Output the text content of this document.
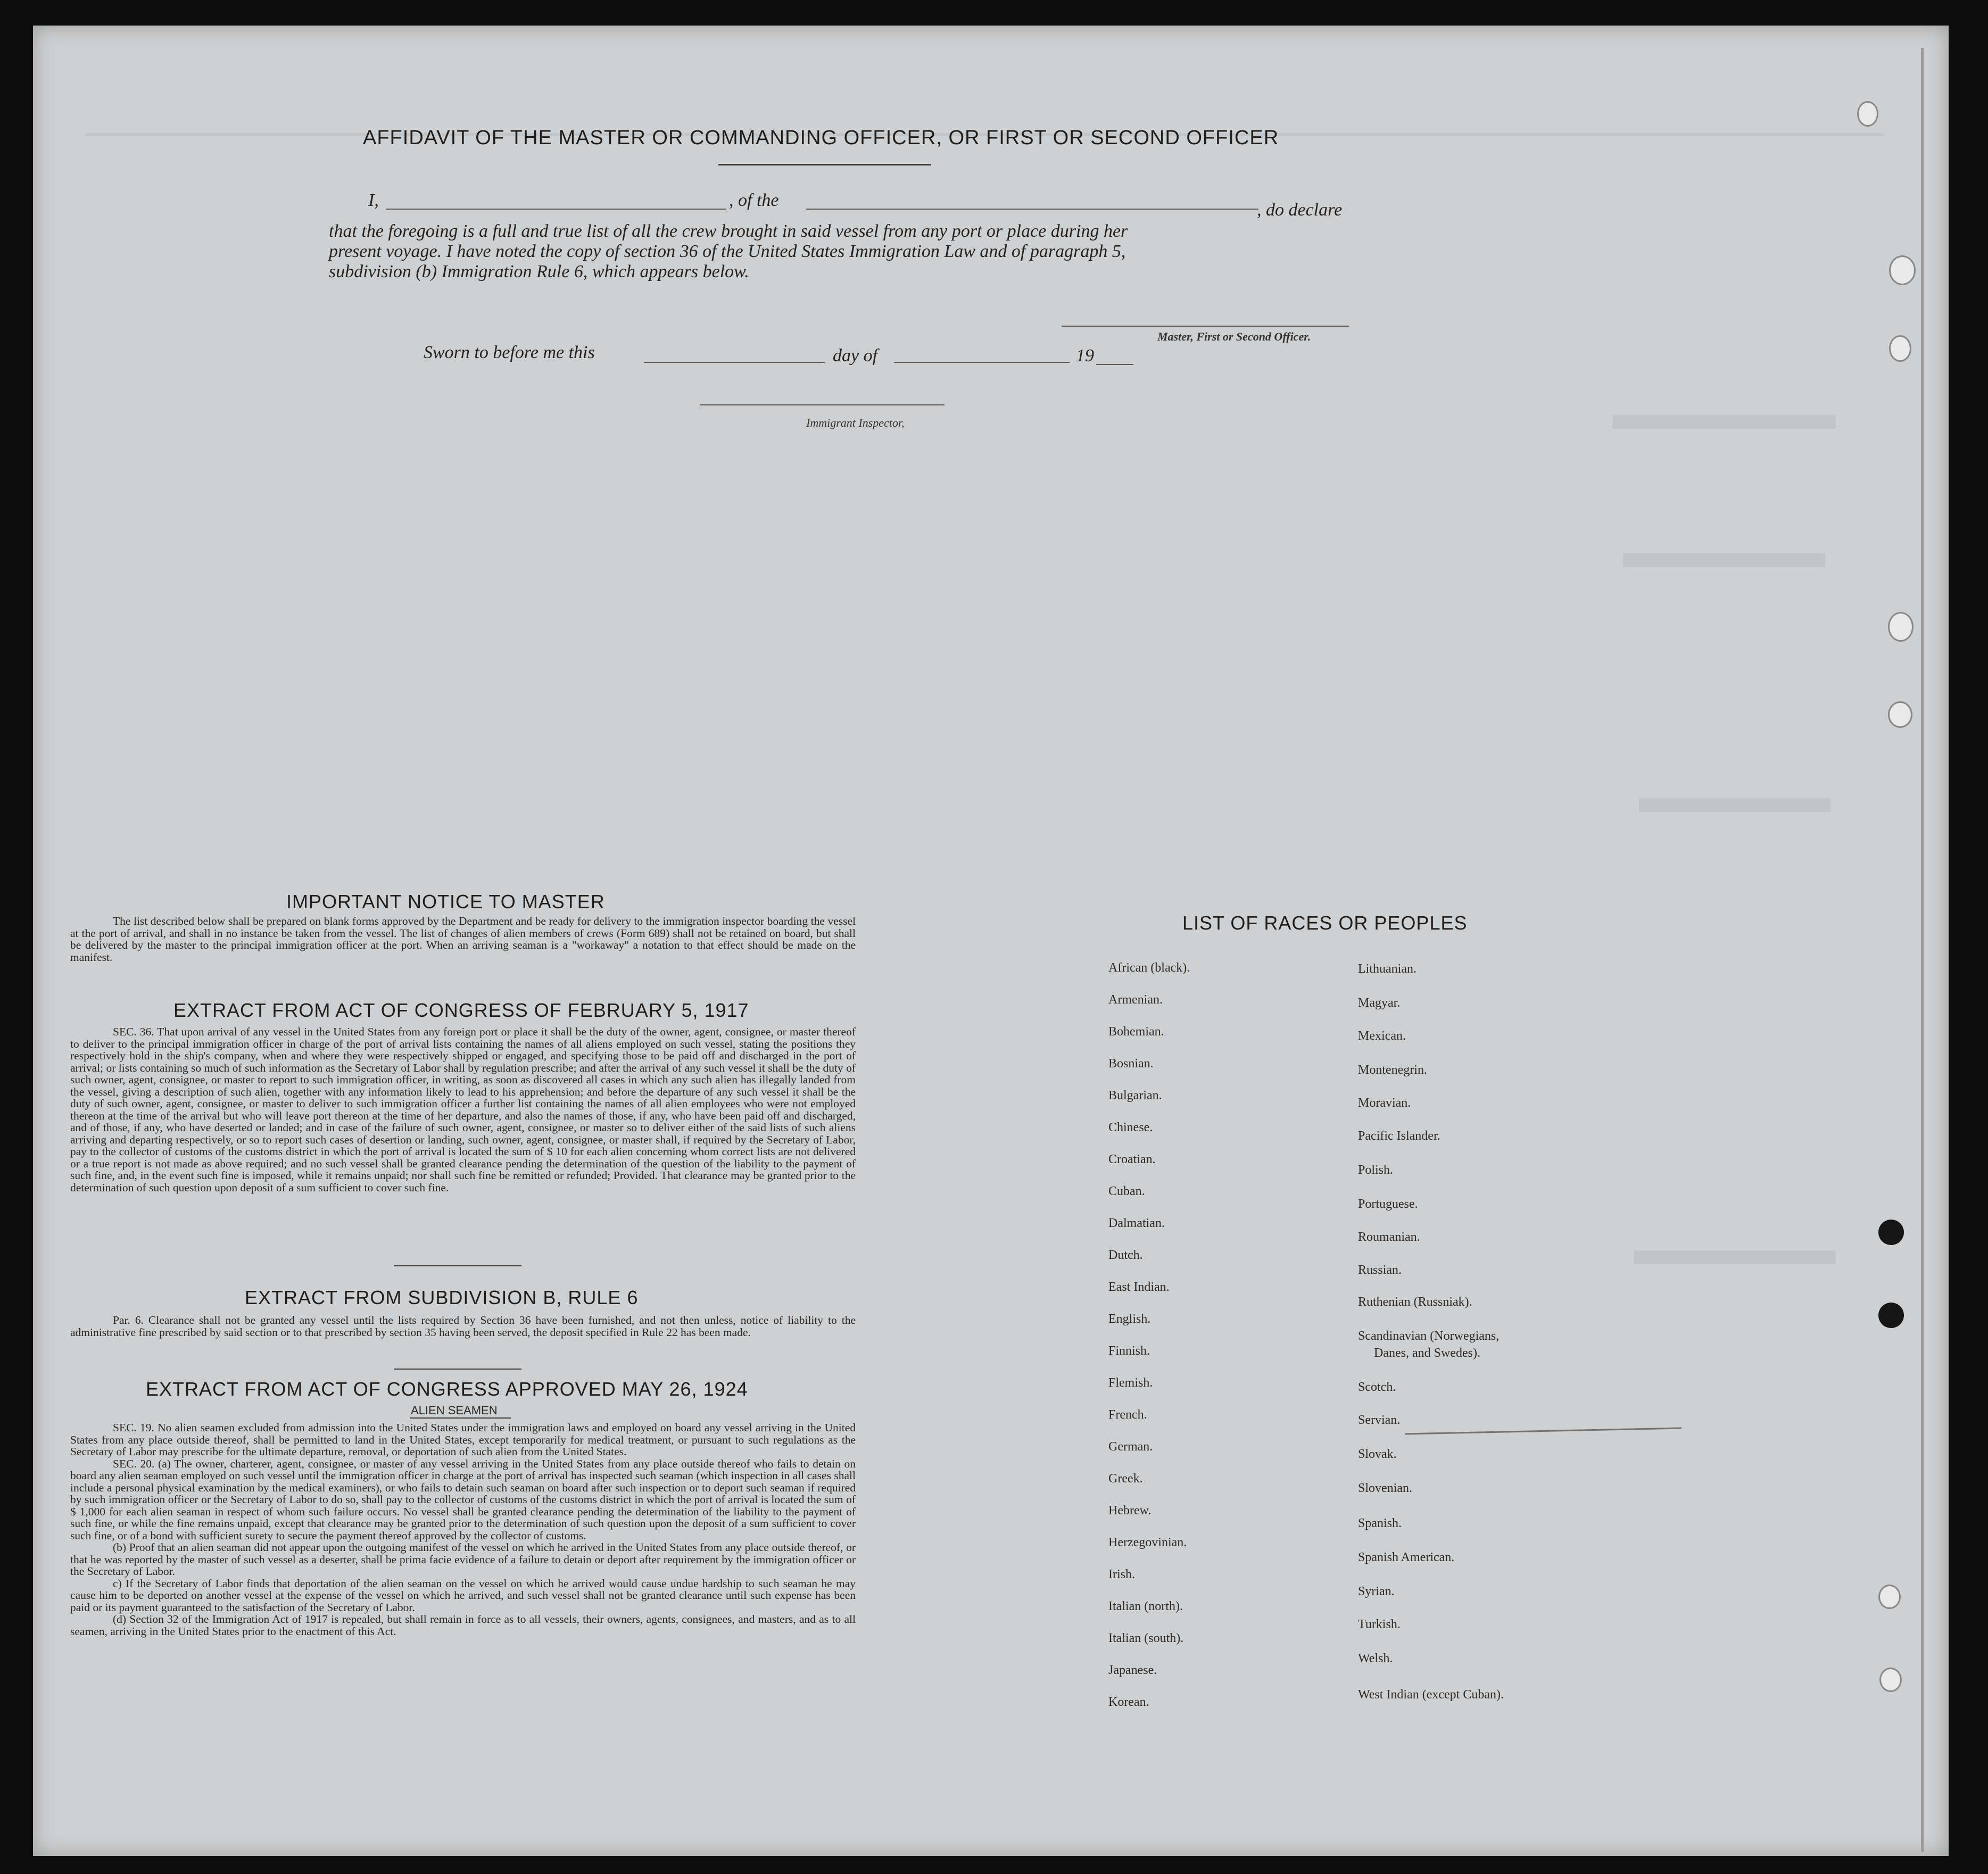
AFFIDAVIT OF THE MASTER OR COMMANDING OFFICER, OR FIRST OR SECOND OFFICER
I,	, of the	, do declare
that the foregoing is a full and true list of all the crew brought in said vessel from any port or place during her
present voyage. I have noted the copy of section 36 of the United States Immigration Law and of paragraph 5,
subdivision (b) Immigration Rule 6, which appears below.
Master, First or Second Officer.
Sworn to before me this	day of	19
Immigrant Inspector,
IMPORTANT NOTICE TO MASTER
The list described below shall be prepared on blank forms approved by the Department and be ready for delivery to the immigration inspector boarding the vessel at the port of arrival, and shall in no instance be taken from the vessel. The list of changes of alien members of crews (Form 689) shall not be retained on board, but shall be delivered by the master to the principal immigration officer at the port. When an arriving seaman is a "workaway" a notation to that effect should be made on the manifest.
EXTRACT FROM ACT OF CONGRESS OF FEBRUARY 5, 1917
SEC. 36. That upon arrival of any vessel in the United States from any foreign port or place it shall be the duty of the owner, agent, consignee, or master thereof to deliver to the principal immigration officer in charge of the port of arrival lists containing the names of all aliens employed on such vessel, stating the positions they respectively hold in the ship's company, when and where they were respectively shipped or engaged, and specifying those to be paid off and discharged in the port of arrival; or lists containing so much of such information as the Secretary of Labor shall by regulation prescribe; and after the arrival of any such vessel it shall be the duty of such owner, agent, consignee, or master to report to such immigration officer, in writing, as soon as discovered all cases in which any such alien has illegally landed from the vessel, giving a description of such alien, together with any information likely to lead to his apprehension; and before the departure of any such vessel it shall be the duty of such owner, agent, consignee, or master to deliver to such immigration officer a further list containing the names of all alien employees who were not employed thereon at the time of the arrival but who will leave port thereon at the time of her departure, and also the names of those, if any, who have been paid off and discharged, and of those, if any, who have deserted or landed; and in case of the failure of such owner, agent, consignee, or master so to deliver either of the said lists of such aliens arriving and departing respectively, or so to report such cases of desertion or landing, such owner, agent, consignee, or master shall, if required by the Secretary of Labor, pay to the collector of customs of the customs district in which the port of arrival is located the sum of $ 10 for each alien concerning whom correct lists are not delivered or a true report is not made as above required; and no such vessel shall be granted clearance pending the determination of the question of the liability to the payment of such fine, and, in the event such fine is imposed, while it remains unpaid; nor shall such fine be remitted or refunded; Provided. That clearance may be granted prior to the determination of such question upon deposit of a sum sufficient to cover such fine.
EXTRACT FROM SUBDIVISION B, RULE 6
Par. 6. Clearance shall not be granted any vessel until the lists required by Section 36 have been furnished, and not then unless, notice of liability to the administrative fine prescribed by said section or to that prescribed by section 35 having been served, the deposit specified in Rule 22 has been made.
EXTRACT FROM ACT OF CONGRESS APPROVED MAY 26, 1924
ALIEN SEAMEN

SEC. 19. No alien seamen excluded from admission into the United States under the immigration laws and employed on board any vessel arriving in the United States from any place outside thereof, shall be permitted to land in the United States, except temporarily for medical treatment, or pursuant to such regulations as the Secretary of Labor may prescribe for the ultimate departure, removal, or deportation of such alien from the United States.

SEC. 20. (a) The owner, charterer, agent, consignee, or master of any vessel arriving in the United States from any place outside thereof who fails to detain on board any alien seaman employed on such vessel until the immigration officer in charge at the port of arrival has inspected such seaman (which inspection in all cases shall include a personal physical examination by the medical examiners), or who fails to detain such seaman on board after such inspection or to deport such seaman if required by such immigration officer or the Secretary of Labor to do so, shall pay to the collector of customs of the customs district in which the port of arrival is located the sum of $ 1,000 for each alien seaman in respect of whom such failure occurs. No vessel shall be granted clearance pending the determination of the liability to the payment of such fine, or while the fine remains unpaid, except that clearance may be granted prior to the determination of such question upon the deposit of a sum sufficient to cover such fine, or of a bond with sufficient surety to secure the payment thereof approved by the collector of customs.

(b) Proof that an alien seaman did not appear upon the outgoing manifest of the vessel on which he arrived in the United States from any place outside thereof, or that he was reported by the master of such vessel as a deserter, shall be prima facie evidence of a failure to detain or deport after requirement by the immigration officer or the Secretary of Labor.

c) If the Secretary of Labor finds that deportation of the alien seaman on the vessel on which he arrived would cause undue hardship to such seaman he may cause him to be deported on another vessel at the expense of the vessel on which he arrived, and such vessel shall not be granted clearance until such expense has been paid or its payment guaranteed to the satisfaction of the Secretary of Labor.

(d) Section 32 of the Immigration Act of 1917 is repealed, but shall remain in force as to all vessels, their owners, agents, consignees, and masters, and as to all seamen, arriving in the United States prior to the enactment of this Act.

LIST OF RACES OR PEOPLES
African (black).
Armenian.
Bohemian.
Bosnian.
Bulgarian.
Chinese.
Croatian.
Cuban.
Dalmatian.
Dutch.
East Indian.
English.
Finnish.
Flemish.
French.
German.
Greek.
Hebrew.
Herzegovinian.
Irish.
Italian (north).
Italian (south).
Japanese.
Korean.
Lithuanian.
Magyar.
Mexican.
Montenegrin.
Moravian.
Pacific Islander.
Polish.
Portuguese.
Roumanian.
Russian.
Ruthenian (Russniak).
Scandinavian (Norwegians,
Danes, and Swedes).
Scotch.
Servian.
Slovak.
Slovenian.
Spanish.
Spanish American.
Syrian.
Turkish.
Welsh.
West Indian (except Cuban).
